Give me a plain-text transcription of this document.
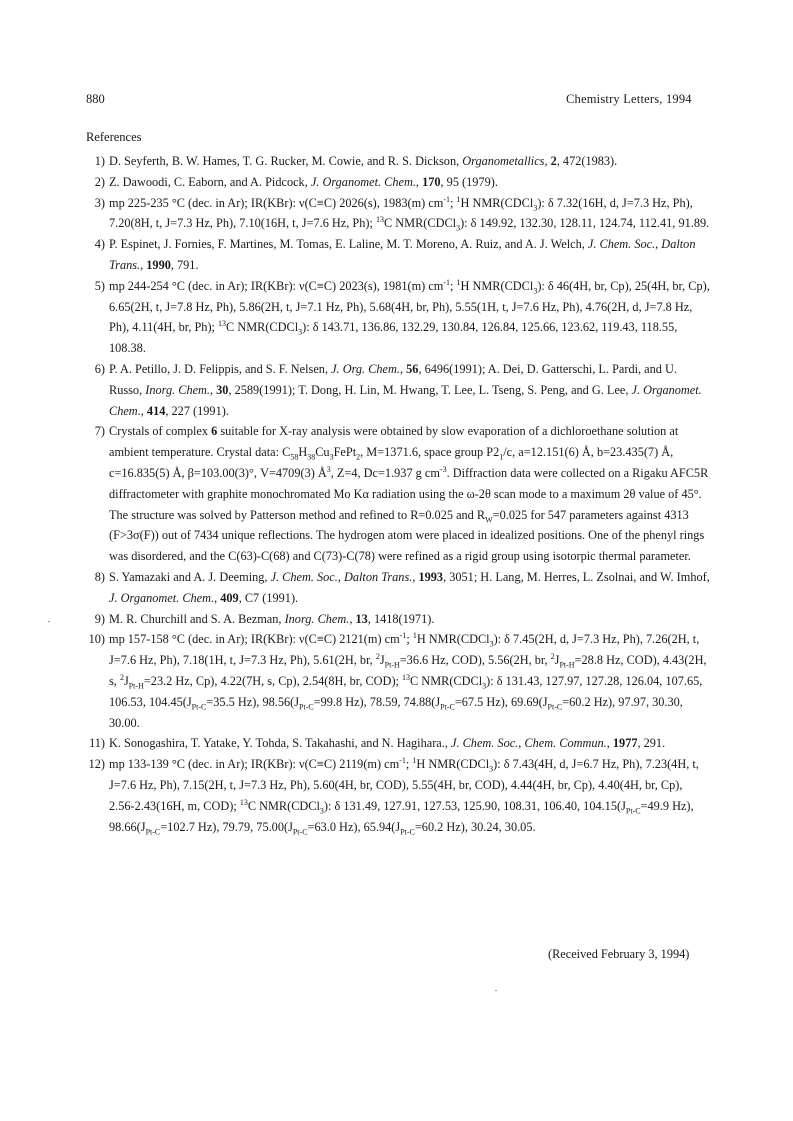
880	Chemistry Letters, 1994
References
1) D. Seyferth, B. W. Hames, T. G. Rucker, M. Cowie, and R. S. Dickson, Organometallics, 2, 472(1983).
2) Z. Dawoodi, C. Eaborn, and A. Pidcock, J. Organomet. Chem., 170, 95 (1979).
3) mp 225-235 °C (dec. in Ar); IR(KBr): ν(C≡C) 2026(s), 1983(m) $cm^{-1}$; $^1$H NMR(CDCl$_3$): δ 7.32(16H, d, J=7.3 Hz, Ph), 7.20(8H, t, J=7.3 Hz, Ph), 7.10(16H, t, J=7.6 Hz, Ph); $^{13}$C NMR(CDCl$_3$): δ 149.92, 132.30, 128.11, 124.74, 112.41, 91.89.
4) P. Espinet, J. Fornies, F. Martines, M. Tomas, E. Laline, M. T. Moreno, A. Ruiz, and A. J. Welch, J. Chem. Soc., Dalton Trans., 1990, 791.
5) mp 244-254 °C (dec. in Ar); IR(KBr): ν(C≡C) 2023(s), 1981(m) $cm^{-1}$; $^1$H NMR(CDCl$_3$): δ 46(4H, br, Cp), 25(4H, br, Cp), 6.65(2H, t, J=7.8 Hz, Ph), 5.86(2H, t, J=7.1 Hz, Ph), 5.68(4H, br, Ph), 5.55(1H, t, J=7.6 Hz, Ph), 4.76(2H, d, J=7.8 Hz, Ph), 4.11(4H, br, Ph); $^{13}$C NMR(CDCl$_3$): δ 143.71, 136.86, 132.29, 130.84, 126.84, 125.66, 123.62, 119.43, 118.55, 108.38.
6) P. A. Petillo, J. D. Felippis, and S. F. Nelsen, J. Org. Chem., 56, 6496(1991); A. Dei, D. Gatterschi, L. Pardi, and U. Russo, Inorg. Chem., 30, 2589(1991); T. Dong, H. Lin, M. Hwang, T. Lee, L. Tseng, S. Peng, and G. Lee, J. Organomet. Chem., 414, 227 (1991).
7) Crystals of complex 6 suitable for X-ray analysis were obtained by slow evaporation of a dichloroethane solution at ambient temperature. Crystal data: $C_{58}H_{38}Cu_3FePt_2$, M=1371.6, space group $P2_1/c$, a=12.151(6) Å, b=23.435(7) Å, c=16.835(5) Å, β=103.00(3)°, V=4709(3) $Å^3$, Z=4, Dc=1.937 g $cm^{-3}$. Diffraction data were collected on a Rigaku AFC5R diffractometer with graphite monochromated Mo Kα radiation using the ω-2θ scan mode to a maximum 2θ value of 45°. The structure was solved by Patterson method and refined to R=0.025 and $R_W=0.025$ for 547 parameters against 4313 (F>3σ(F)) out of 7434 unique reflections. The hydrogen atom were placed in idealized positions. One of the phenyl rings was disordered, and the C(63)-C(68) and C(73)-C(78) were refined as a rigid group using isotorpic thermal parameter.
8) S. Yamazaki and A. J. Deeming, J. Chem. Soc., Dalton Trans., 1993, 3051; H. Lang, M. Herres, L. Zsolnai, and W. Imhof, J. Organomet. Chem., 409, C7 (1991).
9) M. R. Churchill and S. A. Bezman, Inorg. Chem., 13, 1418(1971).
10) mp 157-158 °C (dec. in Ar); IR(KBr): ν(C≡C) 2121(m) $cm^{-1}$; $^1$H NMR(CDCl$_3$): δ 7.45(2H, d, J=7.3 Hz, Ph), 7.26(2H, t, J=7.6 Hz, Ph), 7.18(1H, t, J=7.3 Hz, Ph), 5.61(2H, br, $^2J_{Pt-H}=36.6$ Hz, COD), 5.56(2H, br, $^2J_{Pt-H}=28.8$ Hz, COD), 4.43(2H, s, $^2J_{Pt-H}=23.2$ Hz, Cp), 4.22(7H, s, Cp), 2.54(8H, br, COD); $^{13}$C NMR(CDCl$_3$): δ 131.43, 127.97, 127.28, 126.04, 107.65, 106.53, $104.45(J_{Pt-C}=35.5$ Hz), $98.56(J_{Pt-C}=99.8$ Hz), 78.59, $74.88(J_{Pt-C}=67.5$ Hz), $69.69(J_{Pt-C}=60.2$ Hz), 97.97, 30.30, 30.00.
11) K. Sonogashira, T. Yatake, Y. Tohda, S. Takahashi, and N. Hagihara., J. Chem. Soc., Chem. Commun., 1977, 291.
12) mp 133-139 °C (dec. in Ar); IR(KBr): ν(C≡C) 2119(m) $cm^{-1}$; $^1$H NMR(CDCl$_3$): δ 7.43(4H, d, J=6.7 Hz, Ph), 7.23(4H, t, J=7.6 Hz, Ph), 7.15(2H, t, J=7.3 Hz, Ph), 5.60(4H, br, COD), 5.55(4H, br, COD), 4.44(4H, br, Cp), 4.40(4H, br, Cp), 2.56-2.43(16H, m, COD); $^{13}$C NMR(CDCl$_3$): δ 131.49, 127.91, 127.53, 125.90, 108.31, 106.40, $104.15(J_{Pt-C}=49.9$ Hz), $98.66(J_{Pt-C}=102.7$ Hz), 79.79, $75.00(J_{Pt-C}=63.0$ Hz), $65.94(J_{Pt-C}=60.2$ Hz), 30.24, 30.05.
(Received February 3, 1994)
